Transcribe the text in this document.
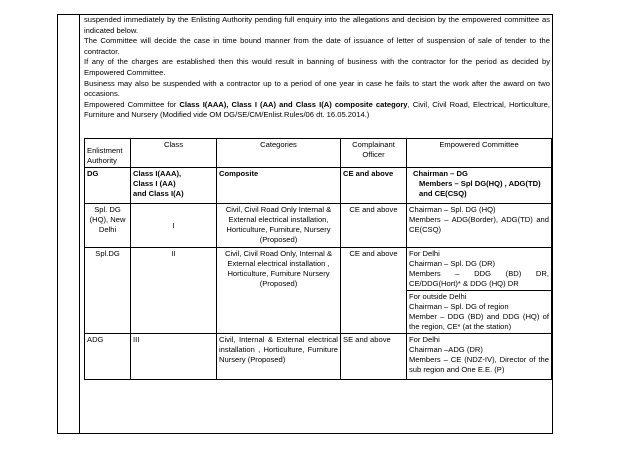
suspended immediately by the Enlisting Authority pending full enquiry into the allegations and decision by the empowered committee as indicated below.
The Committee will decide the case in time bound manner from the date of issuance of letter of suspension of sale of tender to the contractor.
If any of the charges are established then this would result in banning of business with the contractor for the period as decided by Empowered Committee.
Business may also be suspended with a contractor up to a period of one year in case he fails to start the work after the award on two occasions.
Empowered Committee for Class I(AAA), Class I (AA) and Class I(A) composite category, Civil, Civil Road, Electrical, Horticulture, Furniture and Nursery (Modified vide OM DG/SE/CM/Enlist.Rules/06 dt. 16.05.2014.)
Enlistment Authority	Class	Categories	Complainant Officer	Empowered Committee
DG	Class I(AAA),
Class I (AA)
and Class I(A)	Composite	CE and above	Chairman – DG
Members – Spl DG(HQ) , ADG(TD) and CE(CSQ)

Spl. DG (HQ), New Delhi	I	Civil, Civil Road Only Internal & External electrical installation, Horticulture, Furniture, Nursery (Proposed)	CE and above	Chairman – Spl. DG (HQ)
Members – ADG(Border), ADG(TD) and CE(CSQ)

Spl.DG	II	Civil, Civil Road Only, Internal & External electrical installation , Horticulture, Furniture Nursery (Proposed)	CE and above	For Delhi
Chairman – Spl. DG (DR)
Members – DDG (BD) DR, CE/DDG(Hort)* & DDG (HQ) DR

				For outside Delhi
Chairman – Spl. DG of region
Member – DDG (BD) and DDG (HQ) of the region, CE* (at the station)

ADG	III	Civil, Internal & External electrical installation , Horticulture, Furniture Nursery (Proposed)	SE and above	For Delhi
Chairman –ADG (DR)
Members – CE (NDZ-IV), Director of the sub region and One E.E. (P)
